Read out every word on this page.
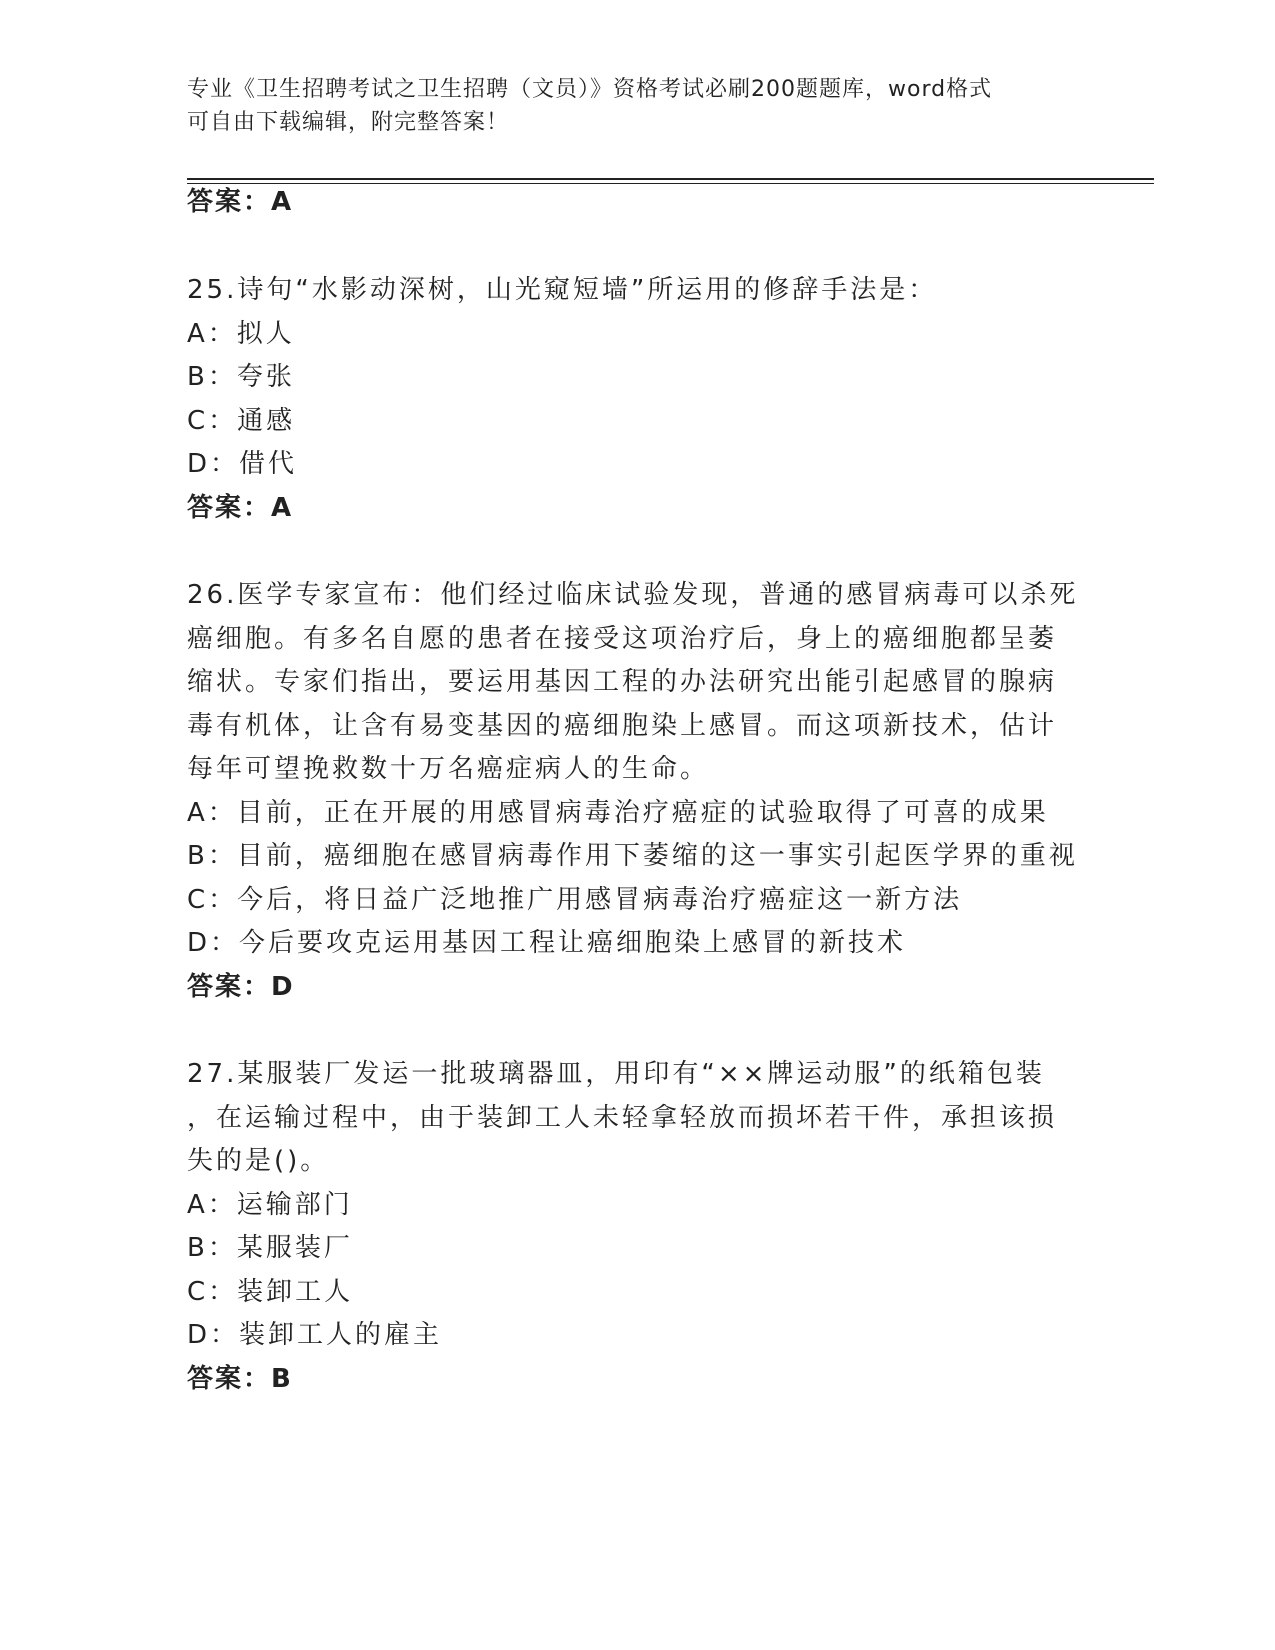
专业《卫生招聘考试之卫生招聘（文员）》资格考试必刷200题题库，word格式
可自由下载编辑，附完整答案！
答案：A
25.诗句“水影动深树，山光窥短墙”所运用的修辞手法是：
A：拟人
B：夸张
C：通感
D：借代
答案：A
26.医学专家宣布：他们经过临床试验发现，普通的感冒病毒可以杀死
癌细胞。有多名自愿的患者在接受这项治疗后，身上的癌细胞都呈萎
缩状。专家们指出，要运用基因工程的办法研究出能引起感冒的腺病
毒有机体，让含有易变基因的癌细胞染上感冒。而这项新技术，估计
每年可望挽救数十万名癌症病人的生命。
A：目前，正在开展的用感冒病毒治疗癌症的试验取得了可喜的成果
B：目前，癌细胞在感冒病毒作用下萎缩的这一事实引起医学界的重视
C：今后，将日益广泛地推广用感冒病毒治疗癌症这一新方法
D：今后要攻克运用基因工程让癌细胞染上感冒的新技术
答案：D
27.某服装厂发运一批玻璃器皿，用印有“××牌运动服”的纸箱包装
，在运输过程中，由于装卸工人未轻拿轻放而损坏若干件，承担该损
失的是()。
A：运输部门
B：某服装厂
C：装卸工人
D：装卸工人的雇主
答案：B
